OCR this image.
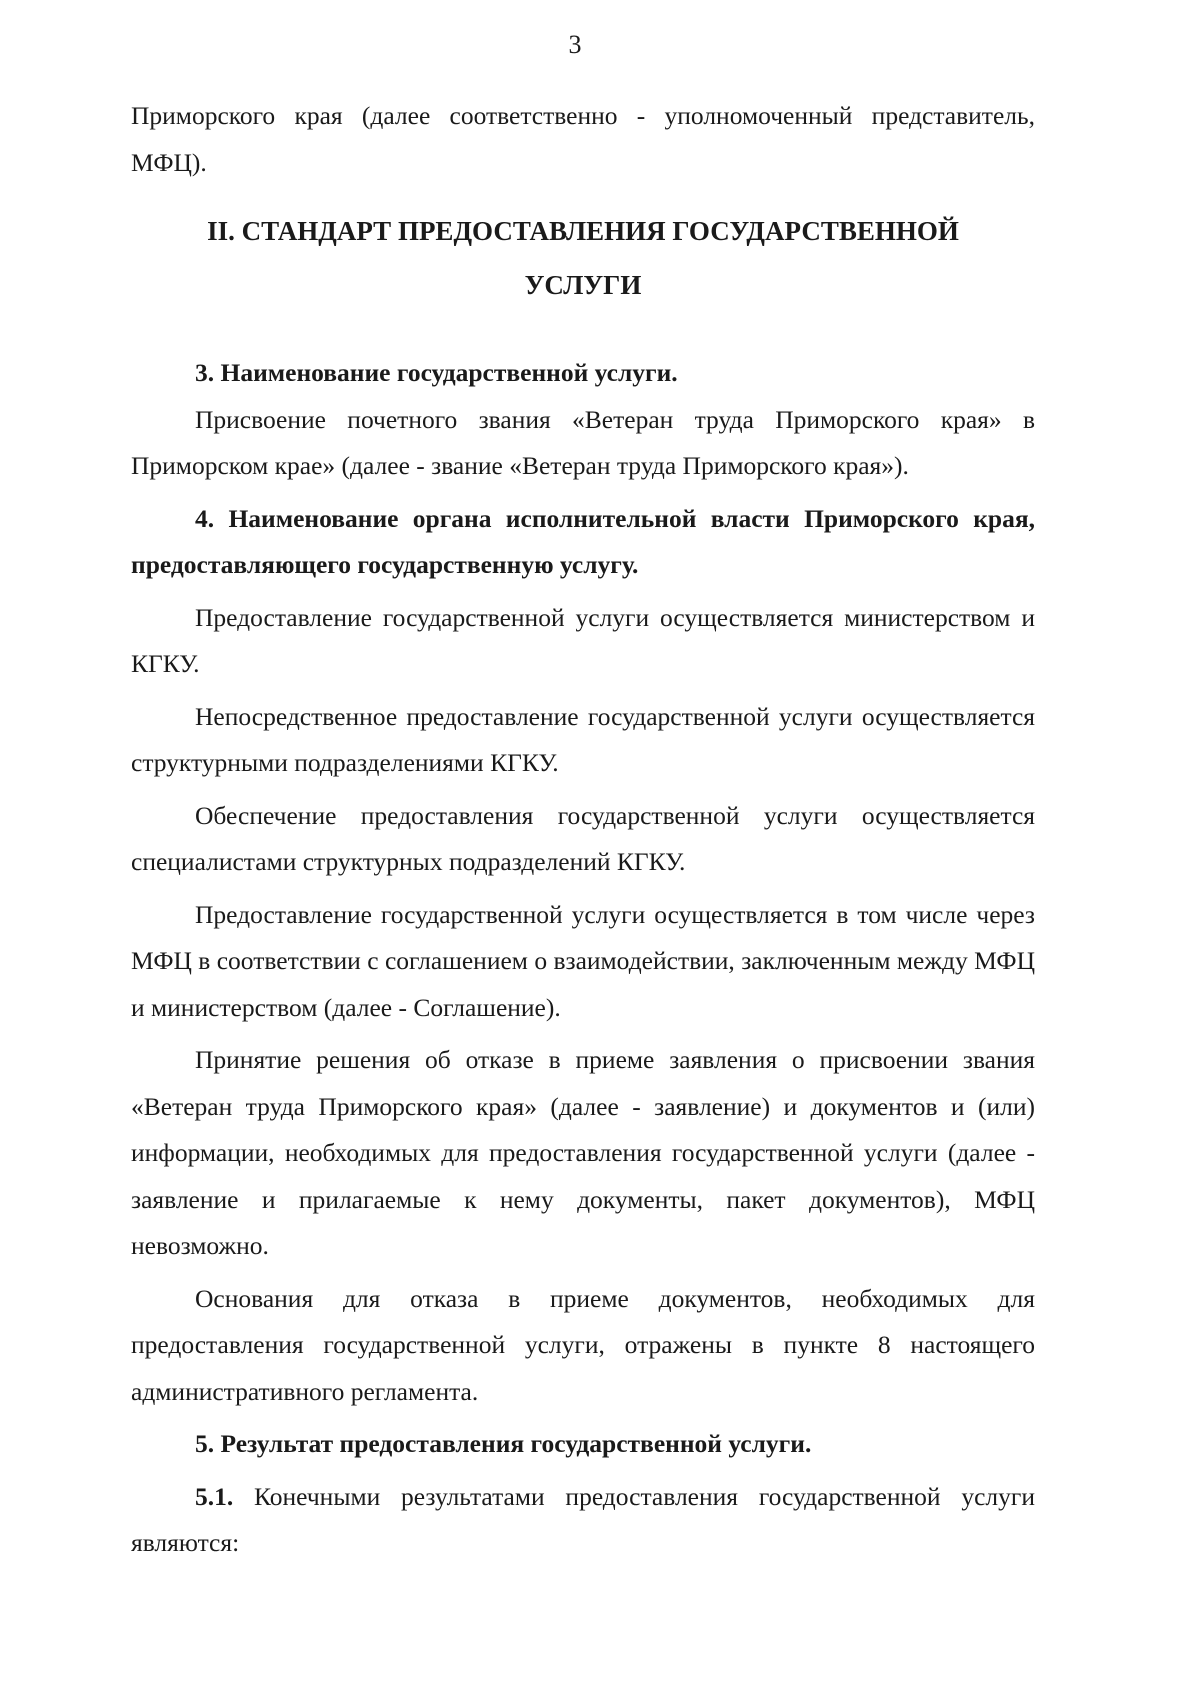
3

Приморского края (далее соответственно - уполномоченный представитель, МФЦ).

II. СТАНДАРТ ПРЕДОСТАВЛЕНИЯ ГОСУДАРСТВЕННОЙ УСЛУГИ

3. Наименование государственной услуги.

Присвоение почетного звания «Ветеран труда Приморского края» в Приморском крае» (далее - звание «Ветеран труда Приморского края»).

4. Наименование органа исполнительной власти Приморского края, предоставляющего государственную услугу.

Предоставление государственной услуги осуществляется министерством и КГКУ.

Непосредственное предоставление государственной услуги осуществляется структурными подразделениями КГКУ.

Обеспечение предоставления государственной услуги осуществляется специалистами структурных подразделений КГКУ.

Предоставление государственной услуги осуществляется в том числе через МФЦ в соответствии с соглашением о взаимодействии, заключенным между МФЦ и министерством (далее - Соглашение).

Принятие решения об отказе в приеме заявления о присвоении звания «Ветеран труда Приморского края» (далее - заявление) и документов и (или) информации, необходимых для предоставления государственной услуги (далее - заявление и прилагаемые к нему документы, пакет документов), МФЦ невозможно.

Основания для отказа в приеме документов, необходимых для предоставления государственной услуги, отражены в пункте 8 настоящего административного регламента.

5. Результат предоставления государственной услуги.

5.1. Конечными результатами предоставления государственной услуги являются:
